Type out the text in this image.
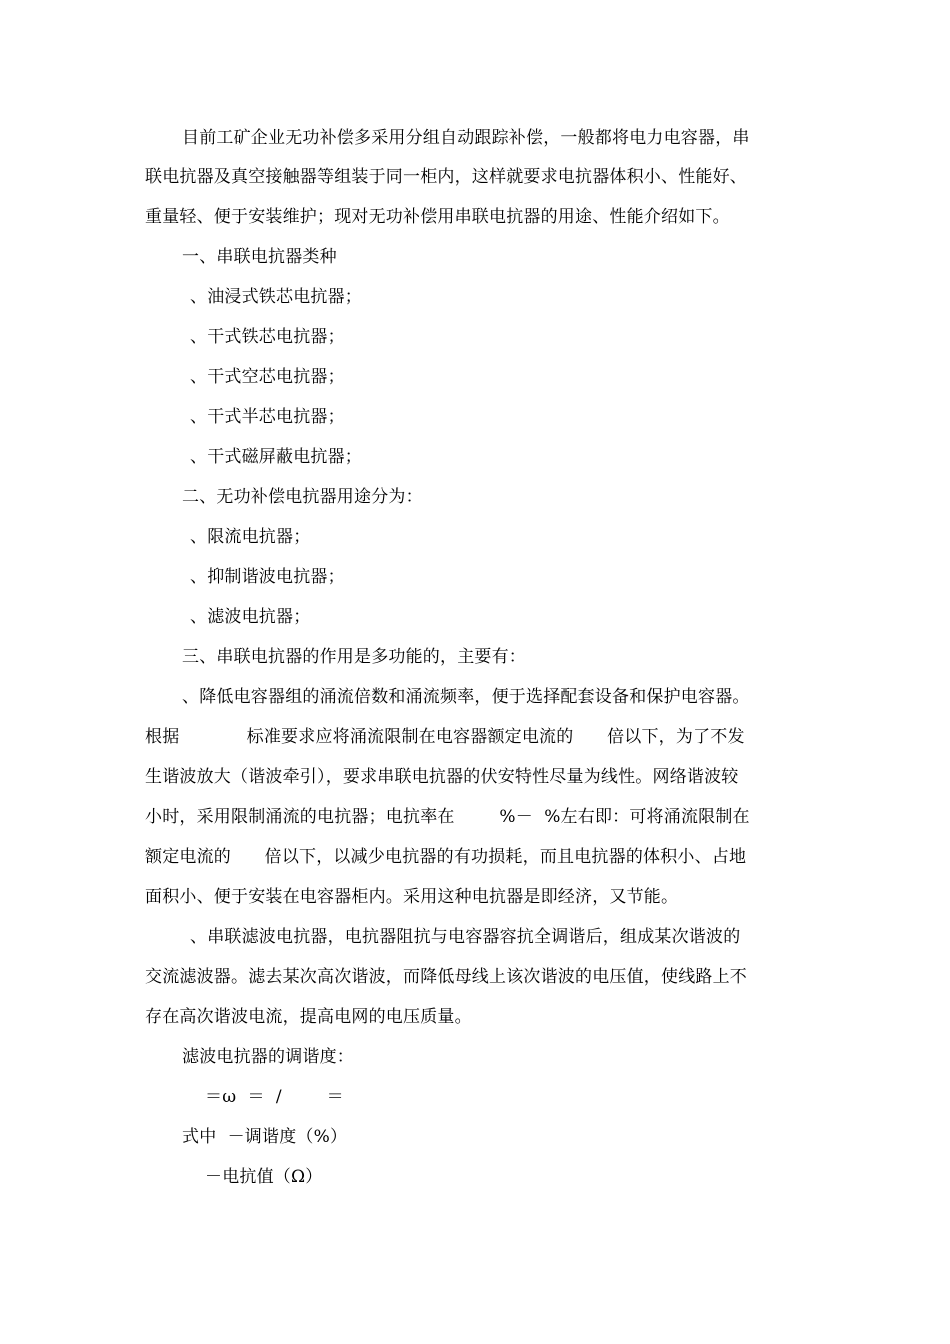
目前工矿企业无功补偿多采用分组自动跟踪补偿，一般都将电力电容器，串
联电抗器及真空接触器等组装于同一柜内，这样就要求电抗器体积小、性能好、
重量轻、便于安装维护；现对无功补偿用串联电抗器的用途、性能介绍如下。
一、串联电抗器类种
、油浸式铁芯电抗器；
、干式铁芯电抗器；
、干式空芯电抗器；
、干式半芯电抗器；
、干式磁屏蔽电抗器；
二、无功补偿电抗器用途分为：
、限流电抗器；
、抑制谐波电抗器；
、滤波电抗器；
三、串联电抗器的作用是多功能的，主要有：
、降低电容器组的涌流倍数和涌流频率，便于选择配套设备和保护电容器。
根据            标准要求应将涌流限制在电容器额定电流的      倍以下，为了不发
生谐波放大（谐波牵引），要求串联电抗器的伏安特性尽量为线性。网络谐波较
小时，采用限制涌流的电抗器；电抗率在        %－  %左右即：可将涌流限制在
额定电流的      倍以下，以减少电抗器的有功损耗，而且电抗器的体积小、占地
面积小、便于安装在电容器柜内。采用这种电抗器是即经济，又节能。
、串联滤波电抗器，电抗器阻抗与电容器容抗全调谐后，组成某次谐波的
交流滤波器。滤去某次高次谐波，而降低母线上该次谐波的电压值，使线路上不
存在高次谐波电流，提高电网的电压质量。
滤波电抗器的调谐度：
＝ω  ＝  /        ＝
式中  －调谐度（%）
－电抗值（Ω）
